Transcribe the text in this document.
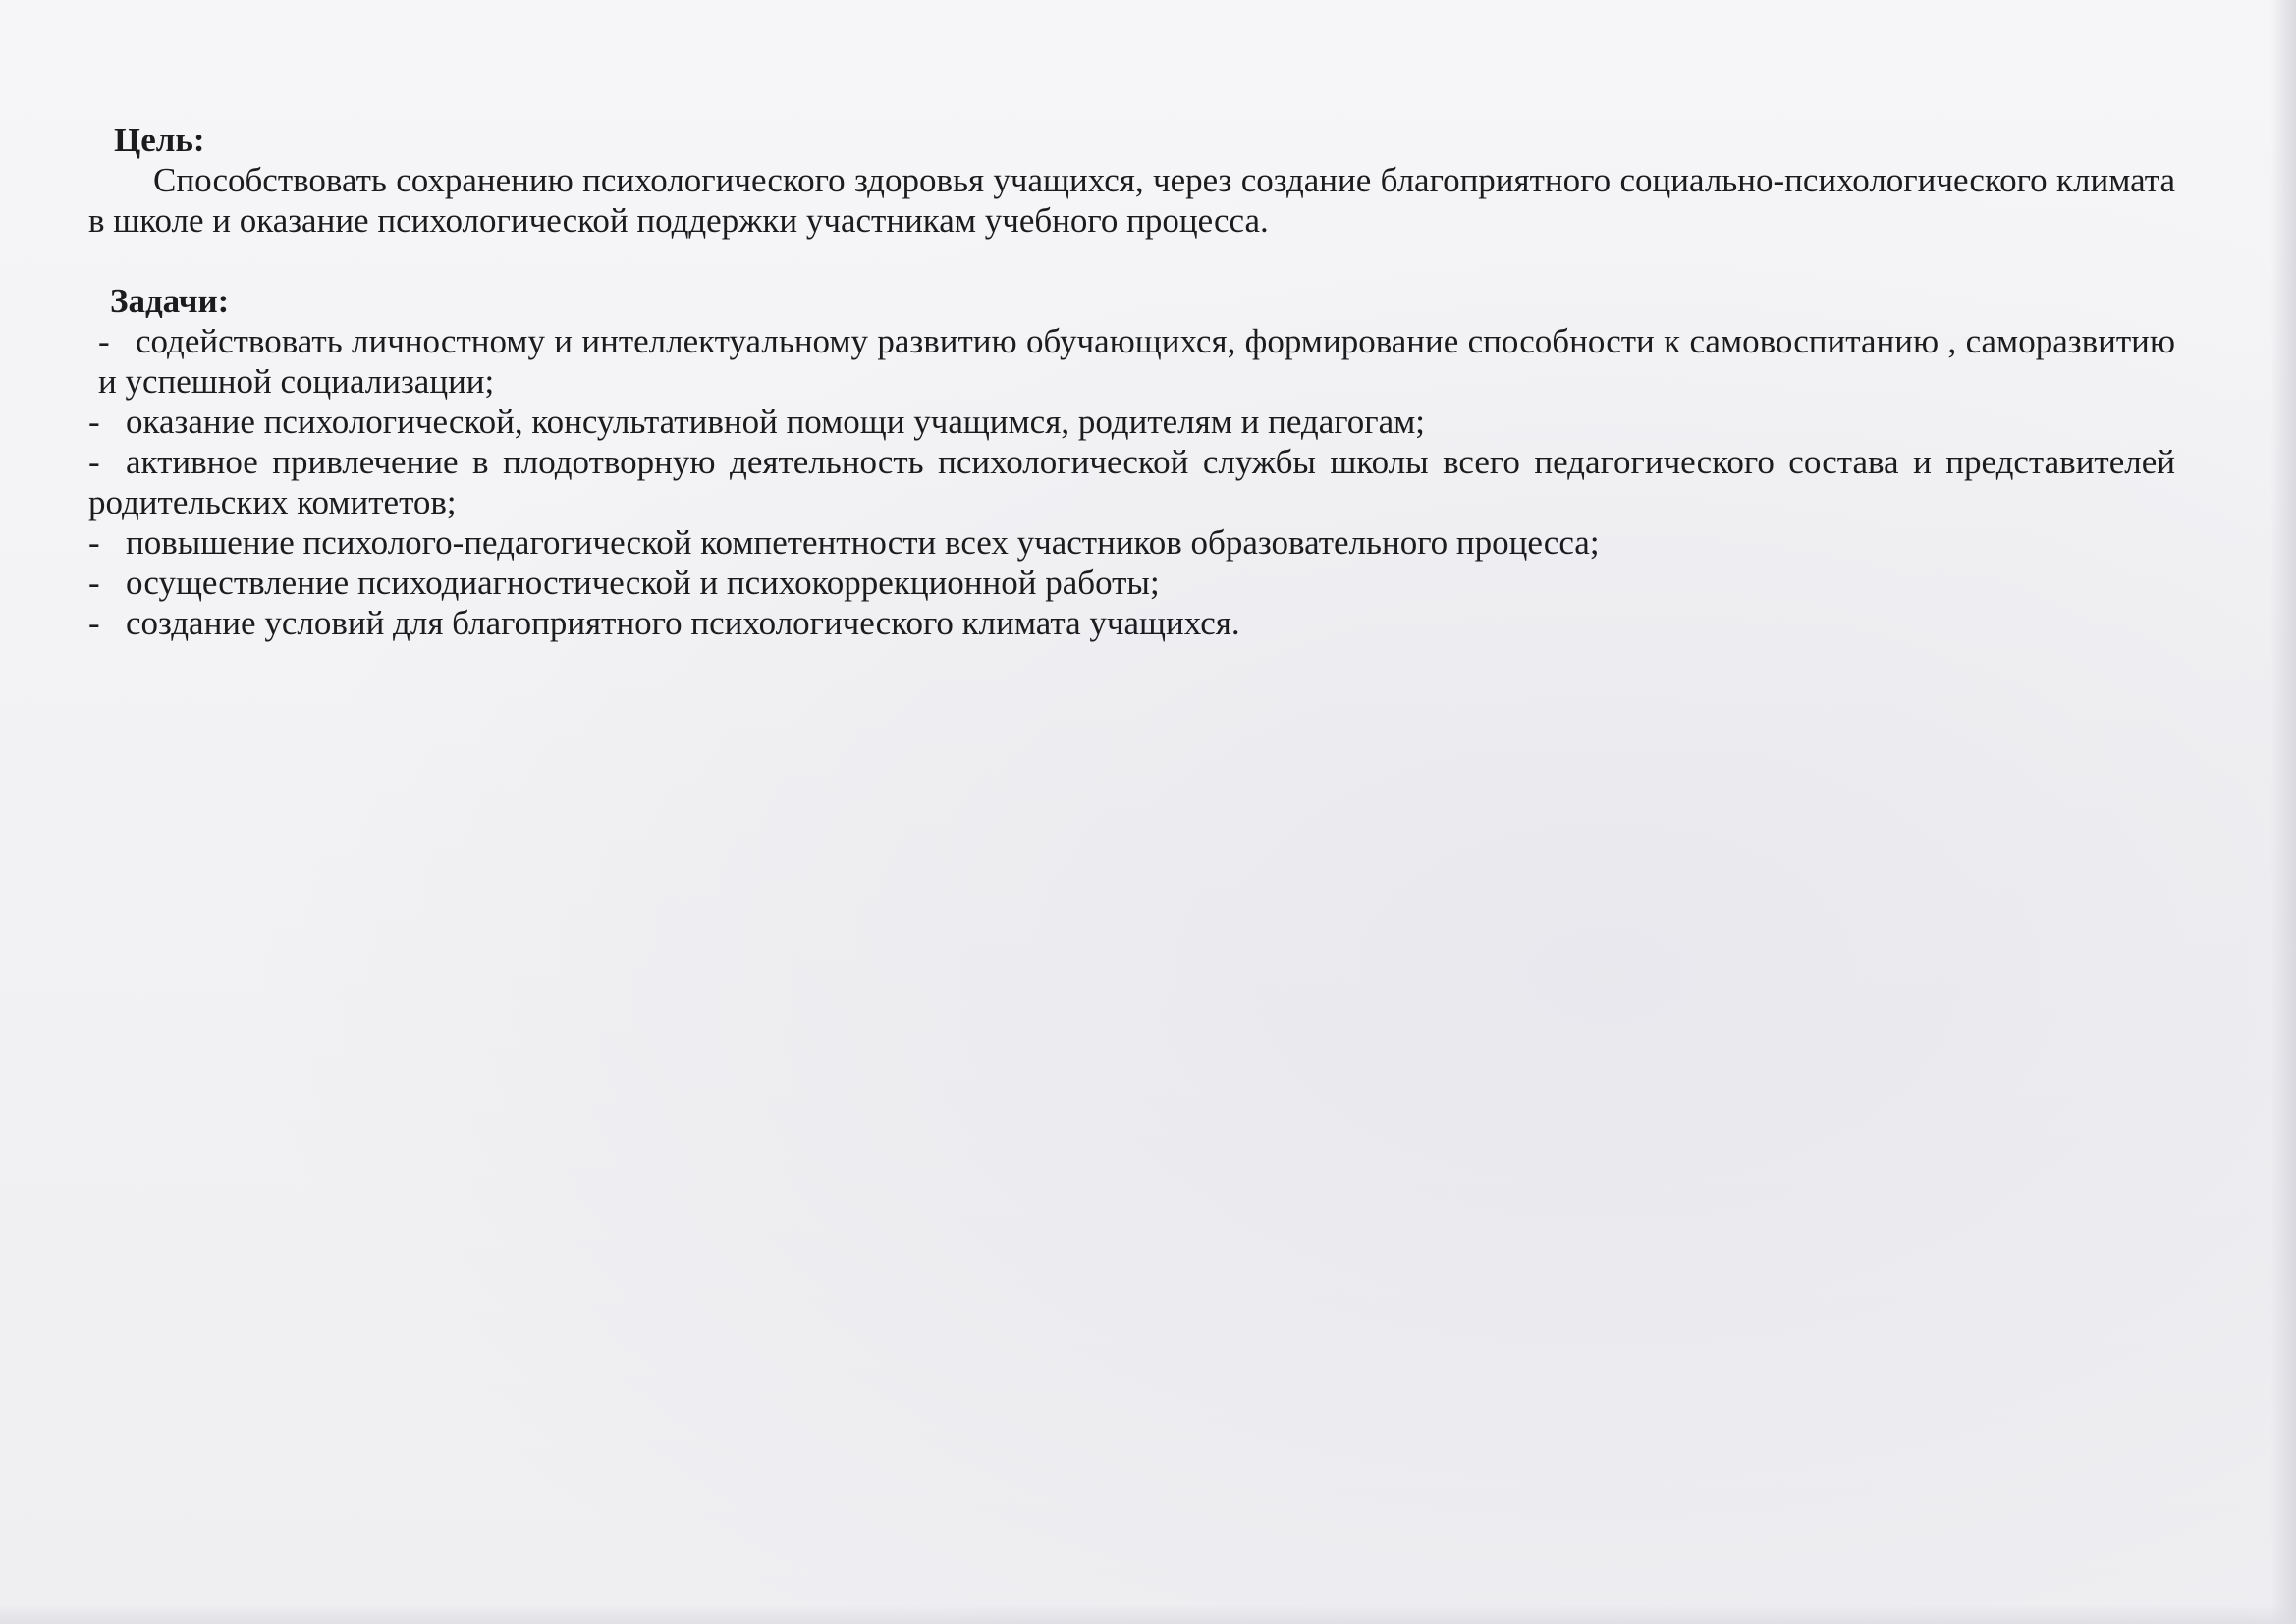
Цель:

Способствовать сохранению психологического здоровья учащихся, через создание благоприятного социально-психологического климата в школе и оказание психологической поддержки участникам учебного процесса.

Задачи:

- содействовать личностному и интеллектуальному развитию обучающихся, формирование способности к самовоспитанию , саморазвитию и успешной социализации;
- оказание психологической, консультативной помощи учащимся, родителям и педагогам;
- активное привлечение в плодотворную деятельность психологической службы школы всего педагогического состава и представителей родительских комитетов;
- повышение психолого-педагогической компетентности всех участников образовательного процесса;
- осуществление психодиагностической и психокоррекционной работы;
- создание условий для благоприятного психологического климата учащихся.
